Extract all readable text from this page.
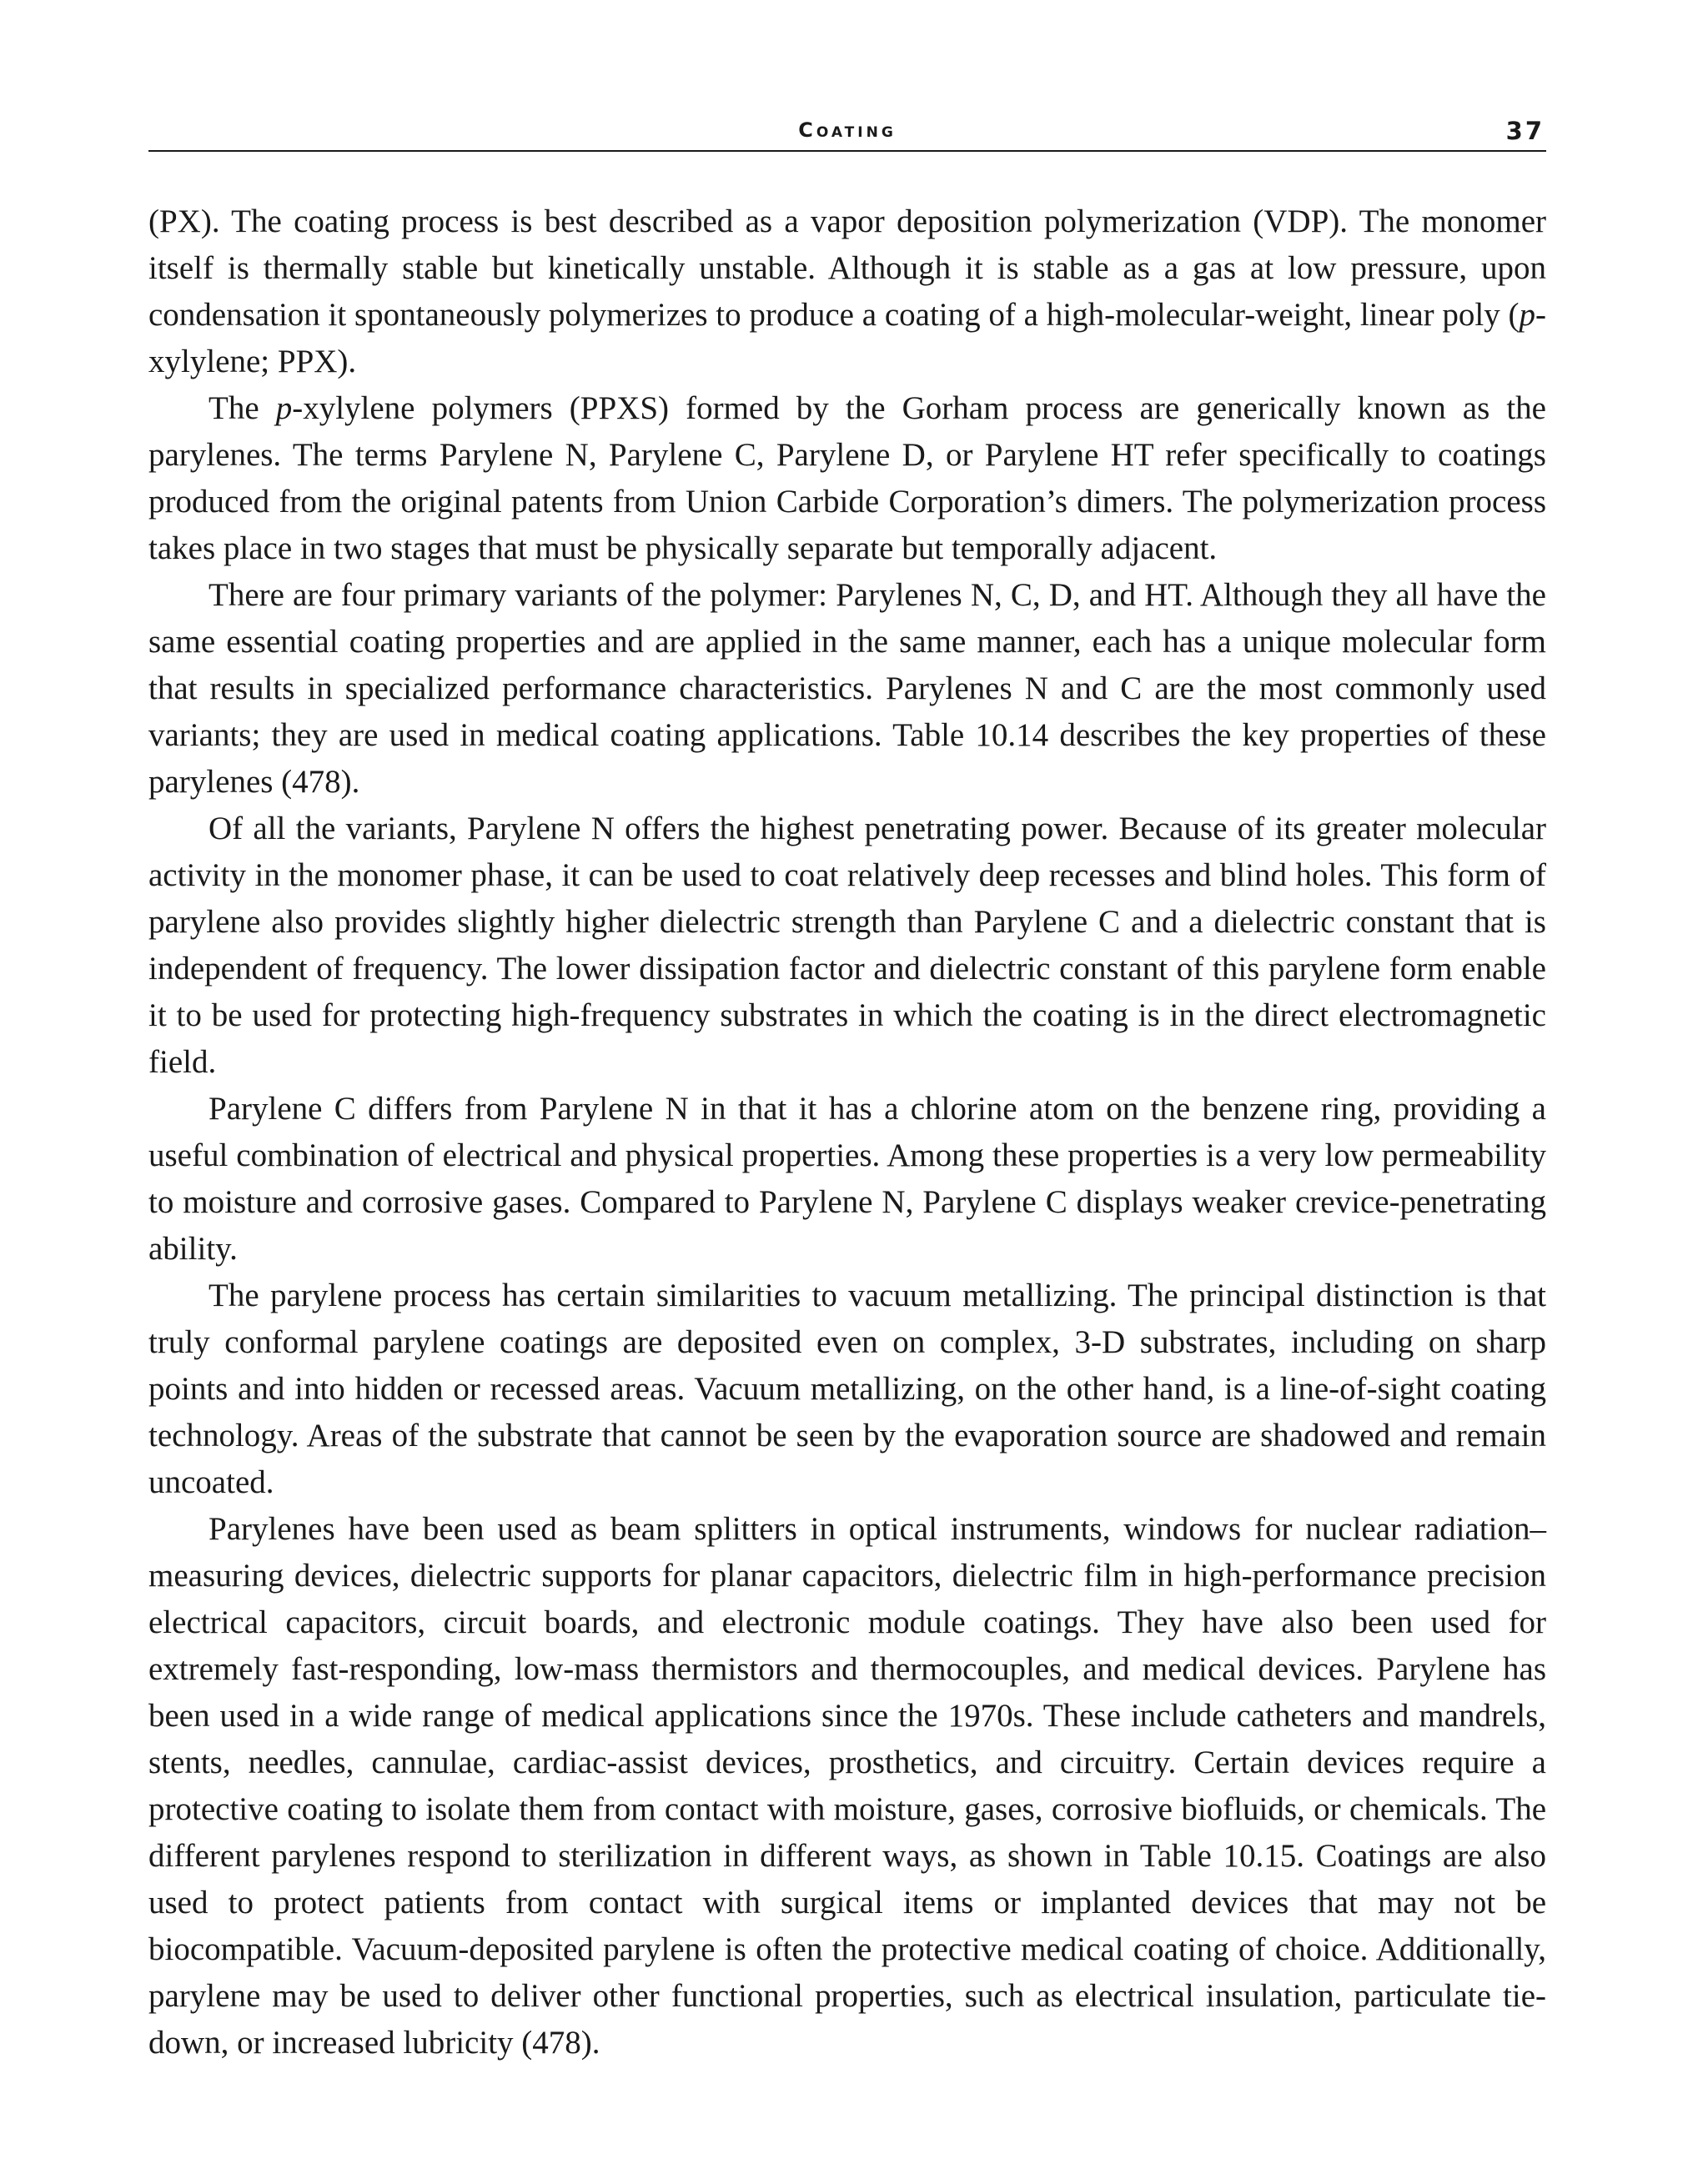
Coating	37

(PX). The coating process is best described as a vapor deposition polymerization (VDP). The monomer itself is thermally stable but kinetically unstable. Although it is stable as a gas at low pressure, upon condensation it spontaneously polymerizes to produce a coating of a high-molecular-weight, linear poly (p-xylylene; PPX).

The p-xylylene polymers (PPXS) formed by the Gorham process are generically known as the parylenes. The terms Parylene N, Parylene C, Parylene D, or Parylene HT refer specifically to coatings produced from the original patents from Union Carbide Corporation’s dimers. The polymerization process takes place in two stages that must be physically separate but temporally adjacent.

There are four primary variants of the polymer: Parylenes N, C, D, and HT. Although they all have the same essential coating properties and are applied in the same manner, each has a unique molecular form that results in specialized performance characteristics. Parylenes N and C are the most commonly used variants; they are used in medical coating applications. Table 10.14 describes the key properties of these parylenes (478).

Of all the variants, Parylene N offers the highest penetrating power. Because of its greater molecular activity in the monomer phase, it can be used to coat relatively deep recesses and blind holes. This form of parylene also provides slightly higher dielectric strength than Parylene C and a dielectric constant that is independent of frequency. The lower dissipation factor and dielectric constant of this parylene form enable it to be used for protecting high-frequency substrates in which the coating is in the direct electromagnetic field.

Parylene C differs from Parylene N in that it has a chlorine atom on the benzene ring, providing a useful combination of electrical and physical properties. Among these properties is a very low permeability to moisture and corrosive gases. Compared to Parylene N, Parylene C displays weaker crevice-penetrating ability.

The parylene process has certain similarities to vacuum metallizing. The principal distinction is that truly conformal parylene coatings are deposited even on complex, 3-D substrates, including on sharp points and into hidden or recessed areas. Vacuum metallizing, on the other hand, is a line-of-sight coating technology. Areas of the substrate that cannot be seen by the evaporation source are shadowed and remain uncoated.

Parylenes have been used as beam splitters in optical instruments, windows for nuclear radiation–measuring devices, dielectric supports for planar capacitors, dielectric film in high-performance precision electrical capacitors, circuit boards, and electronic module coatings. They have also been used for extremely fast-responding, low-mass thermistors and thermocouples, and medical devices. Parylene has been used in a wide range of medical applications since the 1970s. These include catheters and mandrels, stents, needles, cannulae, cardiac-assist devices, prosthetics, and circuitry. Certain devices require a protective coating to isolate them from contact with moisture, gases, corrosive biofluids, or chemicals. The different parylenes respond to sterilization in different ways, as shown in Table 10.15. Coatings are also used to protect patients from contact with surgical items or implanted devices that may not be biocompatible. Vacuum-deposited parylene is often the protective medical coating of choice. Additionally, parylene may be used to deliver other functional properties, such as electrical insulation, particulate tie-down, or increased lubricity (478).
